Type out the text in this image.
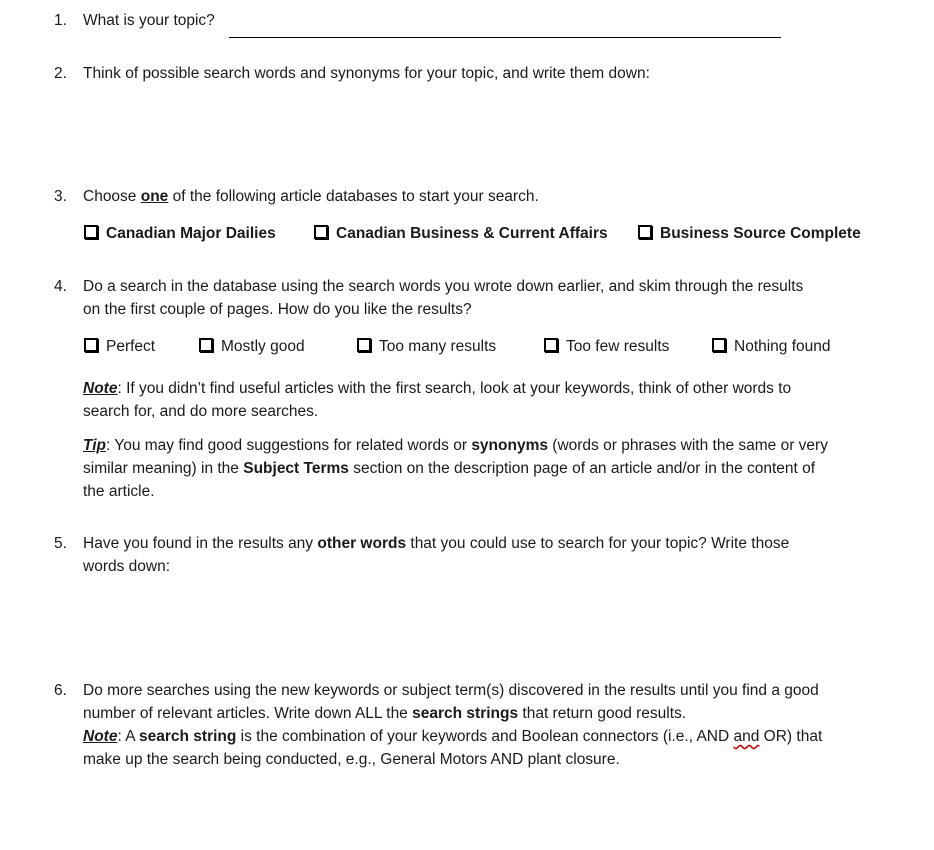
1. What is your topic?
2. Think of possible search words and synonyms for your topic, and write them down:
3. Choose one of the following article databases to start your search.
Canadian Major Dailies	Canadian Business & Current Affairs	Business Source Complete
4. Do a search in the database using the search words you wrote down earlier, and skim through the results
on the first couple of pages. How do you like the results?
Perfect	Mostly good	Too many results	Too few results	Nothing found
Note: If you didn’t find useful articles with the first search, look at your keywords, think of other words to
search for, and do more searches.
Tip: You may find good suggestions for related words or synonyms (words or phrases with the same or very
similar meaning) in the Subject Terms section on the description page of an article and/or in the content of
the article.
5. Have you found in the results any other words that you could use to search for your topic? Write those
words down:
6. Do more searches using the new keywords or subject term(s) discovered in the results until you find a good
number of relevant articles. Write down ALL the search strings that return good results.
Note: A search string is the combination of your keywords and Boolean connectors (i.e., AND and OR) that
make up the search being conducted, e.g., General Motors AND plant closure.
